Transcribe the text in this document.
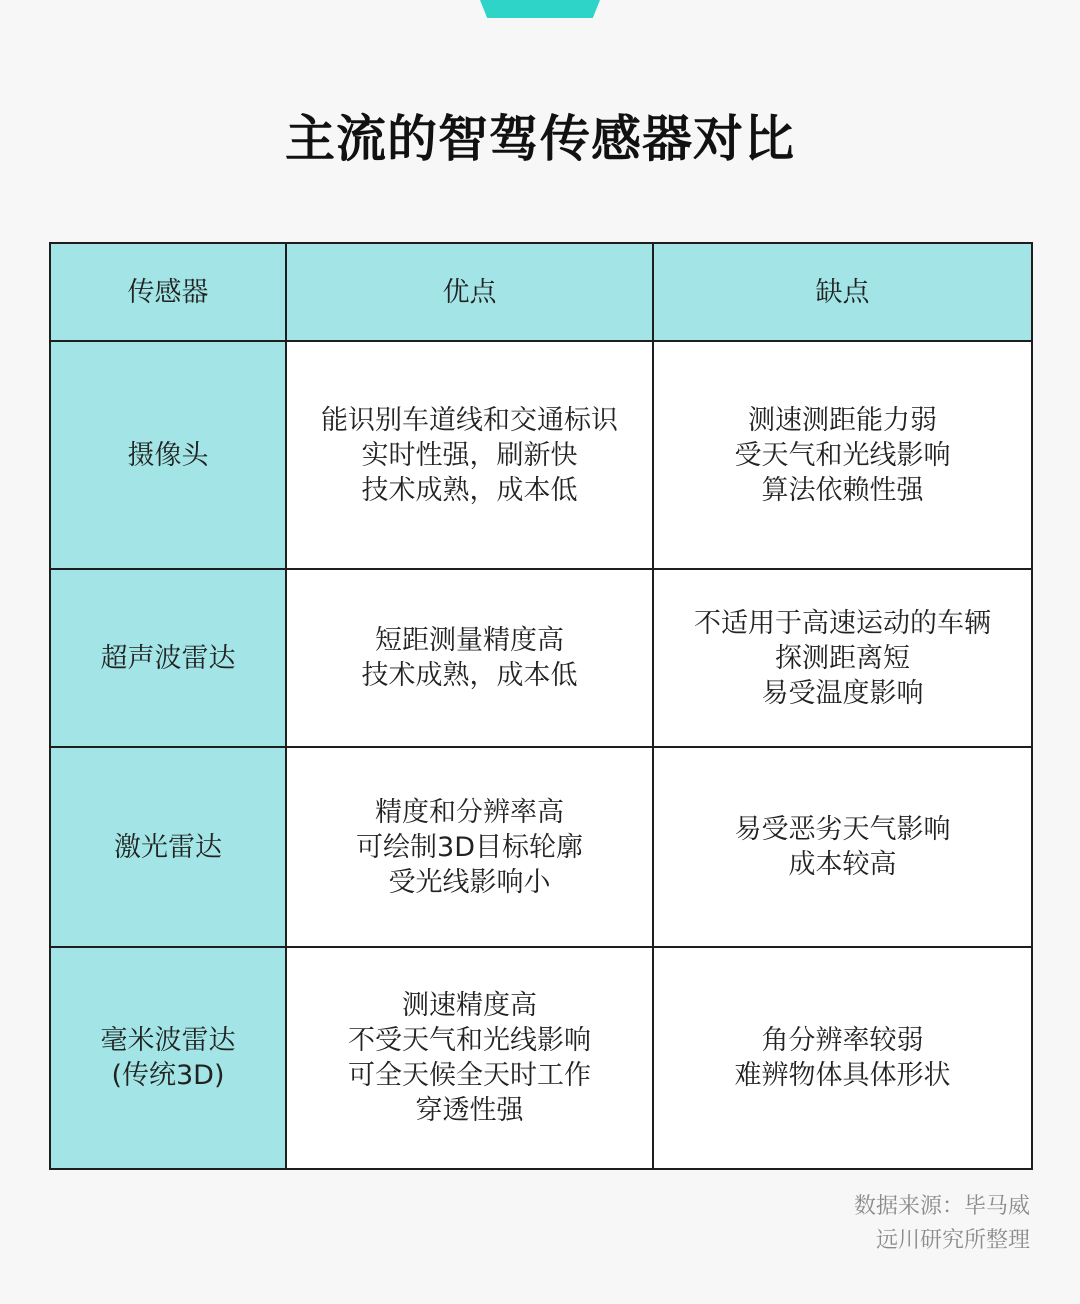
主流的智驾传感器对比
传感器	优点	缺点

摄像头	能识别车道线和交通标识
实时性强，刷新快
技术成熟，成本低	测速测距能力弱
受天气和光线影响
算法依赖性强

超声波雷达	短距测量精度高
技术成熟，成本低	不适用于高速运动的车辆
探测距离短
易受温度影响

激光雷达	精度和分辨率高
可绘制3D目标轮廓
受光线影响小	易受恶劣天气影响
成本较高

毫米波雷达
(传统3D)	测速精度高
不受天气和光线影响
可全天候全天时工作
穿透性强	角分辨率较弱
难辨物体具体形状
数据来源：毕马威
远川研究所整理
